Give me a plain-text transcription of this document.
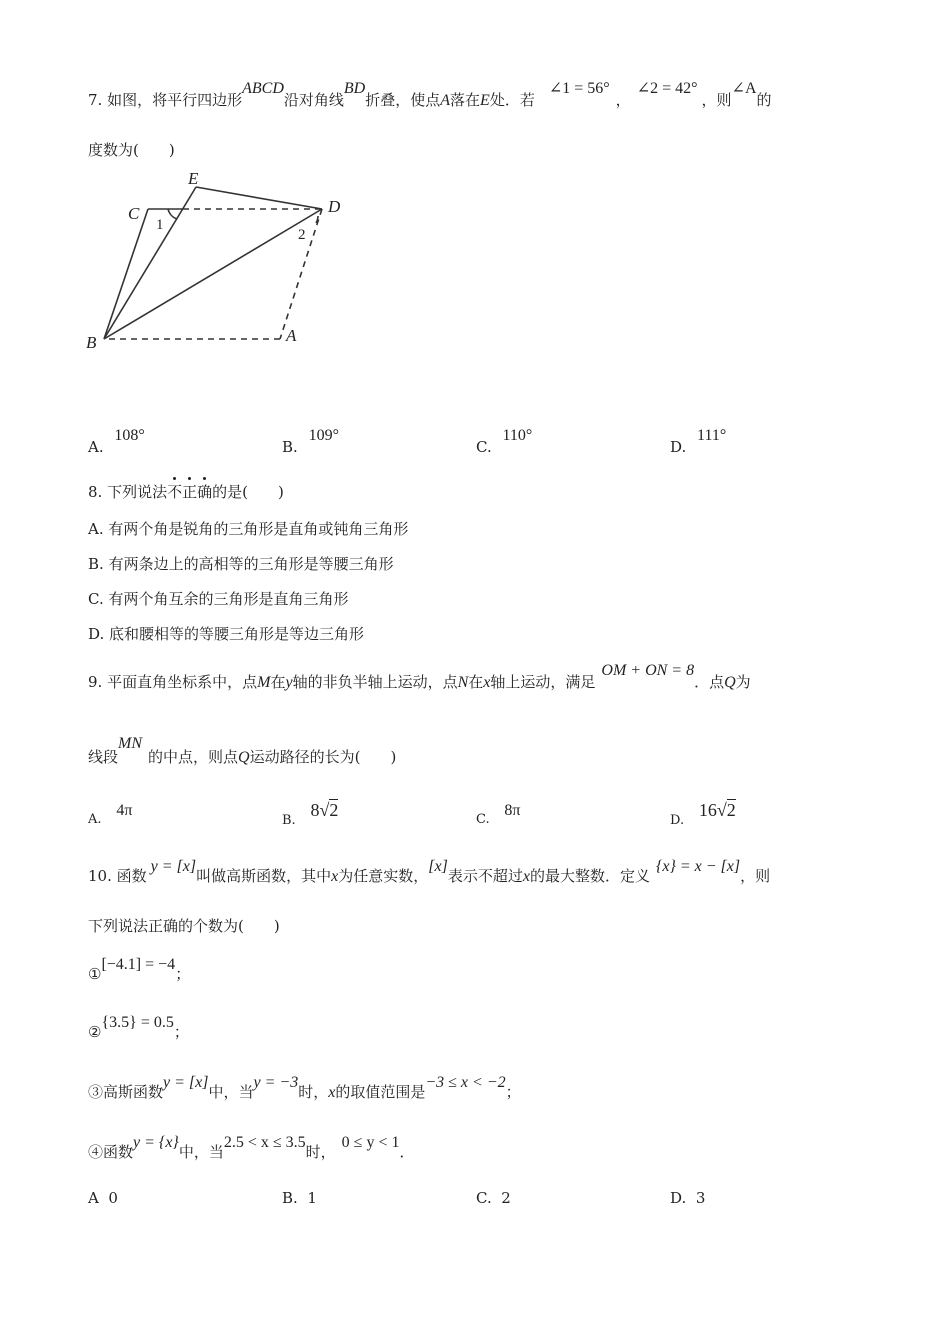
7. 如图，将平行四边形ABCD沿对角线BD折叠，使点A落在E处．若∠1 = 56°，∠2 = 42°，则∠A的
度数为(　　)
E
C	D
B	A
1
2
A. 108°
B. 109°
C. 110°
D. 111°
8. 下列说法
不
正
确的是(　　)
A. 有两个角是锐角的三角形是直角或钝角三角形
B. 有两条边上的高相等的三角形是等腰三角形
C. 有两个角互余的三角形是直角三角形
D. 底和腰相等的等腰三角形是等边三角形
9. 平面直角坐标系中，点M在y轴的非负半轴上运动，点N在x轴上运动，满足OM + ON = 8．点Q为
线段MN的中点，则点Q运动路径的长为(　　)
A. 4π
B. 8√2	C. 8π
D. 16√2
10. 函数y = [x]叫做高斯函数，其中x为任意实数，[x]表示不超过x的最大整数．定义{x} = x − [x]，则
下列说法正确的个数为(　　)
①[−4.1] = −4；
②{3.5} = 0.5；
③高斯函数y = [x]中，当y = −3时，x的取值范围是−3 ≤ x < −2；
④函数y = {x}中，当2.5 < x ≤ 3.5时，0 ≤ y < 1．
A 0	B. 1	C. 2	D. 3
